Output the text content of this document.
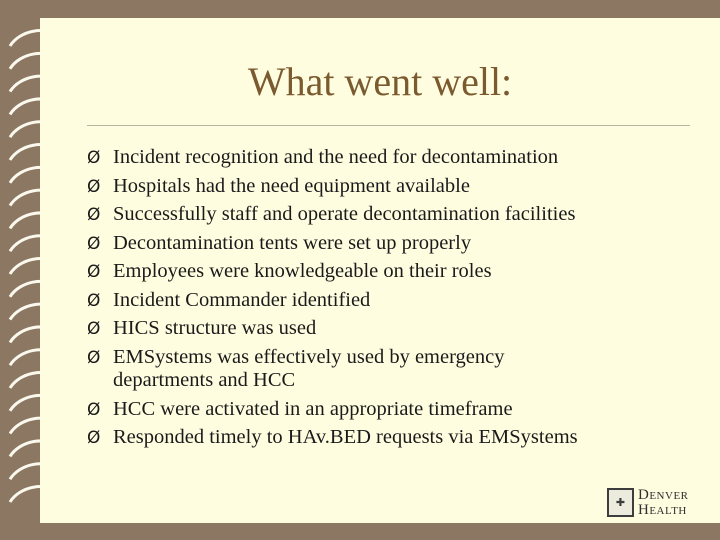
What went well:
Ø Incident recognition and the need for decontamination
Ø Hospitals had the need equipment available
Ø Successfully staff and operate decontamination facilities
Ø Decontamination tents were set up properly
Ø Employees were knowledgeable on their roles
Ø Incident Commander identified
Ø HICS structure was used
Ø EMSystems was effectively used by emergency departments and HCC
Ø HCC were activated in an appropriate timeframe
Ø Responded timely to HAv.BED requests via EMSystems
✚ Denver
Health
